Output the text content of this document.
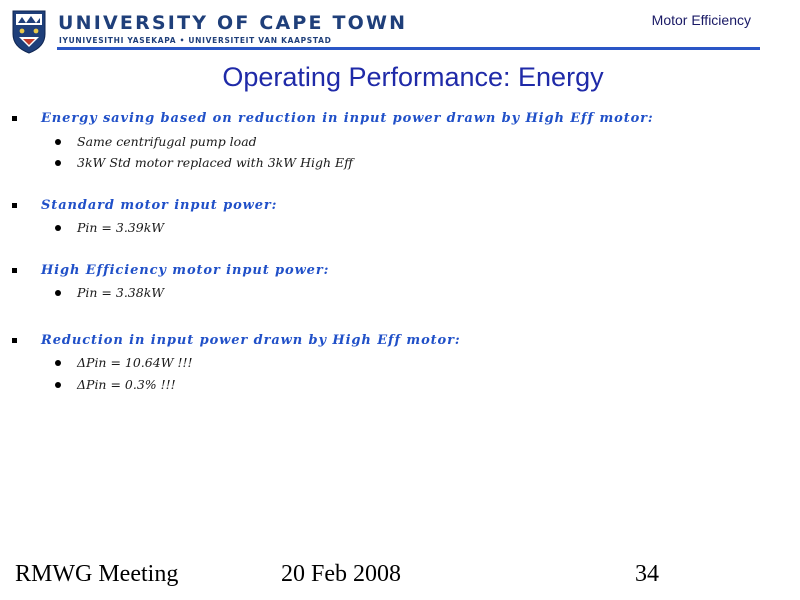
UNIVERSITY OF CAPE TOWN
IYUNIVESITHI YASEKAPA • UNIVERSITEIT VAN KAAPSTAD
Motor Efficiency
Operating Performance: Energy
Energy saving based on reduction in input power drawn by High Eff motor:
Same centrifugal pump load
3kW Std motor replaced with 3kW High Eff
Standard motor input power:
Pin = 3.39kW
High Efficiency motor input power:
Pin = 3.38kW
Reduction in input power drawn by High Eff motor:
ΔPin = 10.64W !!!
ΔPin = 0.3% !!!
RMWG Meeting	20 Feb 2008	34
